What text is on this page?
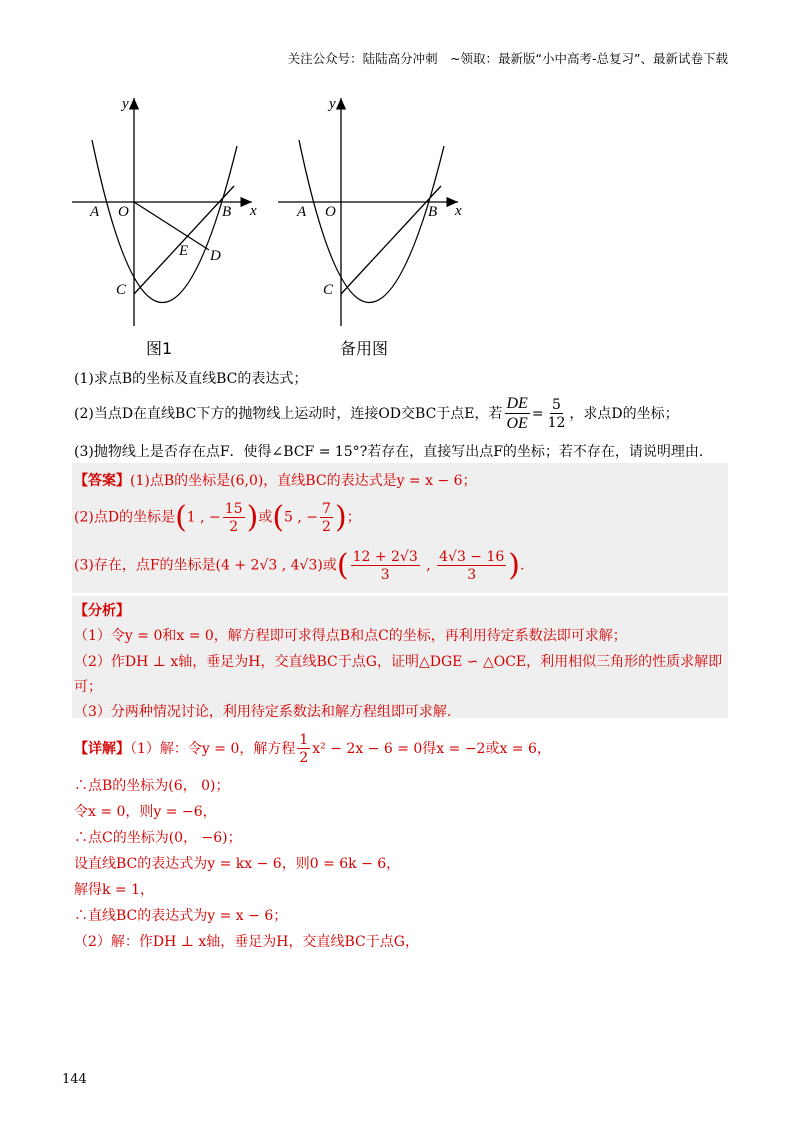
关注公众号：陆陆高分冲刺　~领取：最新版“小中高考-总复习”、最新试卷下载
y
x
A O	B
C
D
E
y
x
A O	B
C
图1	备用图
(1)求点B的坐标及直线BC的表达式；
(2)当点D在直线BC下方的抛物线上运动时，连接OD交BC于点E，若 $\frac{DE}{OE} = \frac{5}{12}$ ，求点D的坐标；
(3)抛物线上是否存在点F．使得∠BCF = 15°?若存在，直接写出点F的坐标；若不存在，请说明理由.
【答案】(1)点B的坐标是(6,0)，直线BC的表达式是y = x − 6；
(2)点D的坐标是(1 , − $\frac{15}{2}$ )或(5 , − $\frac{7}{2}$ )；
(3)存在，点F的坐标是(4 + 2√3 , 4√3)或( $\frac{12 + 2√3}{3}$ , $\frac{4√3 - 16}{3}$ ).
【分析】
（1）令y = 0和x = 0，解方程即可求得点B和点C的坐标，再利用待定系数法即可求解；
（2）作DH ⊥ x轴，垂足为H，交直线BC于点G，证明△DGE ∽ △OCE，利用相似三角形的性质求解即
可；
（3）分两种情况讨论，利用待定系数法和解方程组即可求解.
【详解】（1）解：令y = 0，解方程 $\frac{1}{2} x^2 - 2x - 6 = 0$得x = −2或x = 6，
∴点B的坐标为(6， 0)；
令x = 0，则y = −6，
∴点C的坐标为(0， −6)；
设直线BC的表达式为y = kx − 6，则0 = 6k − 6，
解得k = 1，
∴直线BC的表达式为y = x − 6；
（2）解：作DH ⊥ x轴，垂足为H，交直线BC于点G，
144
